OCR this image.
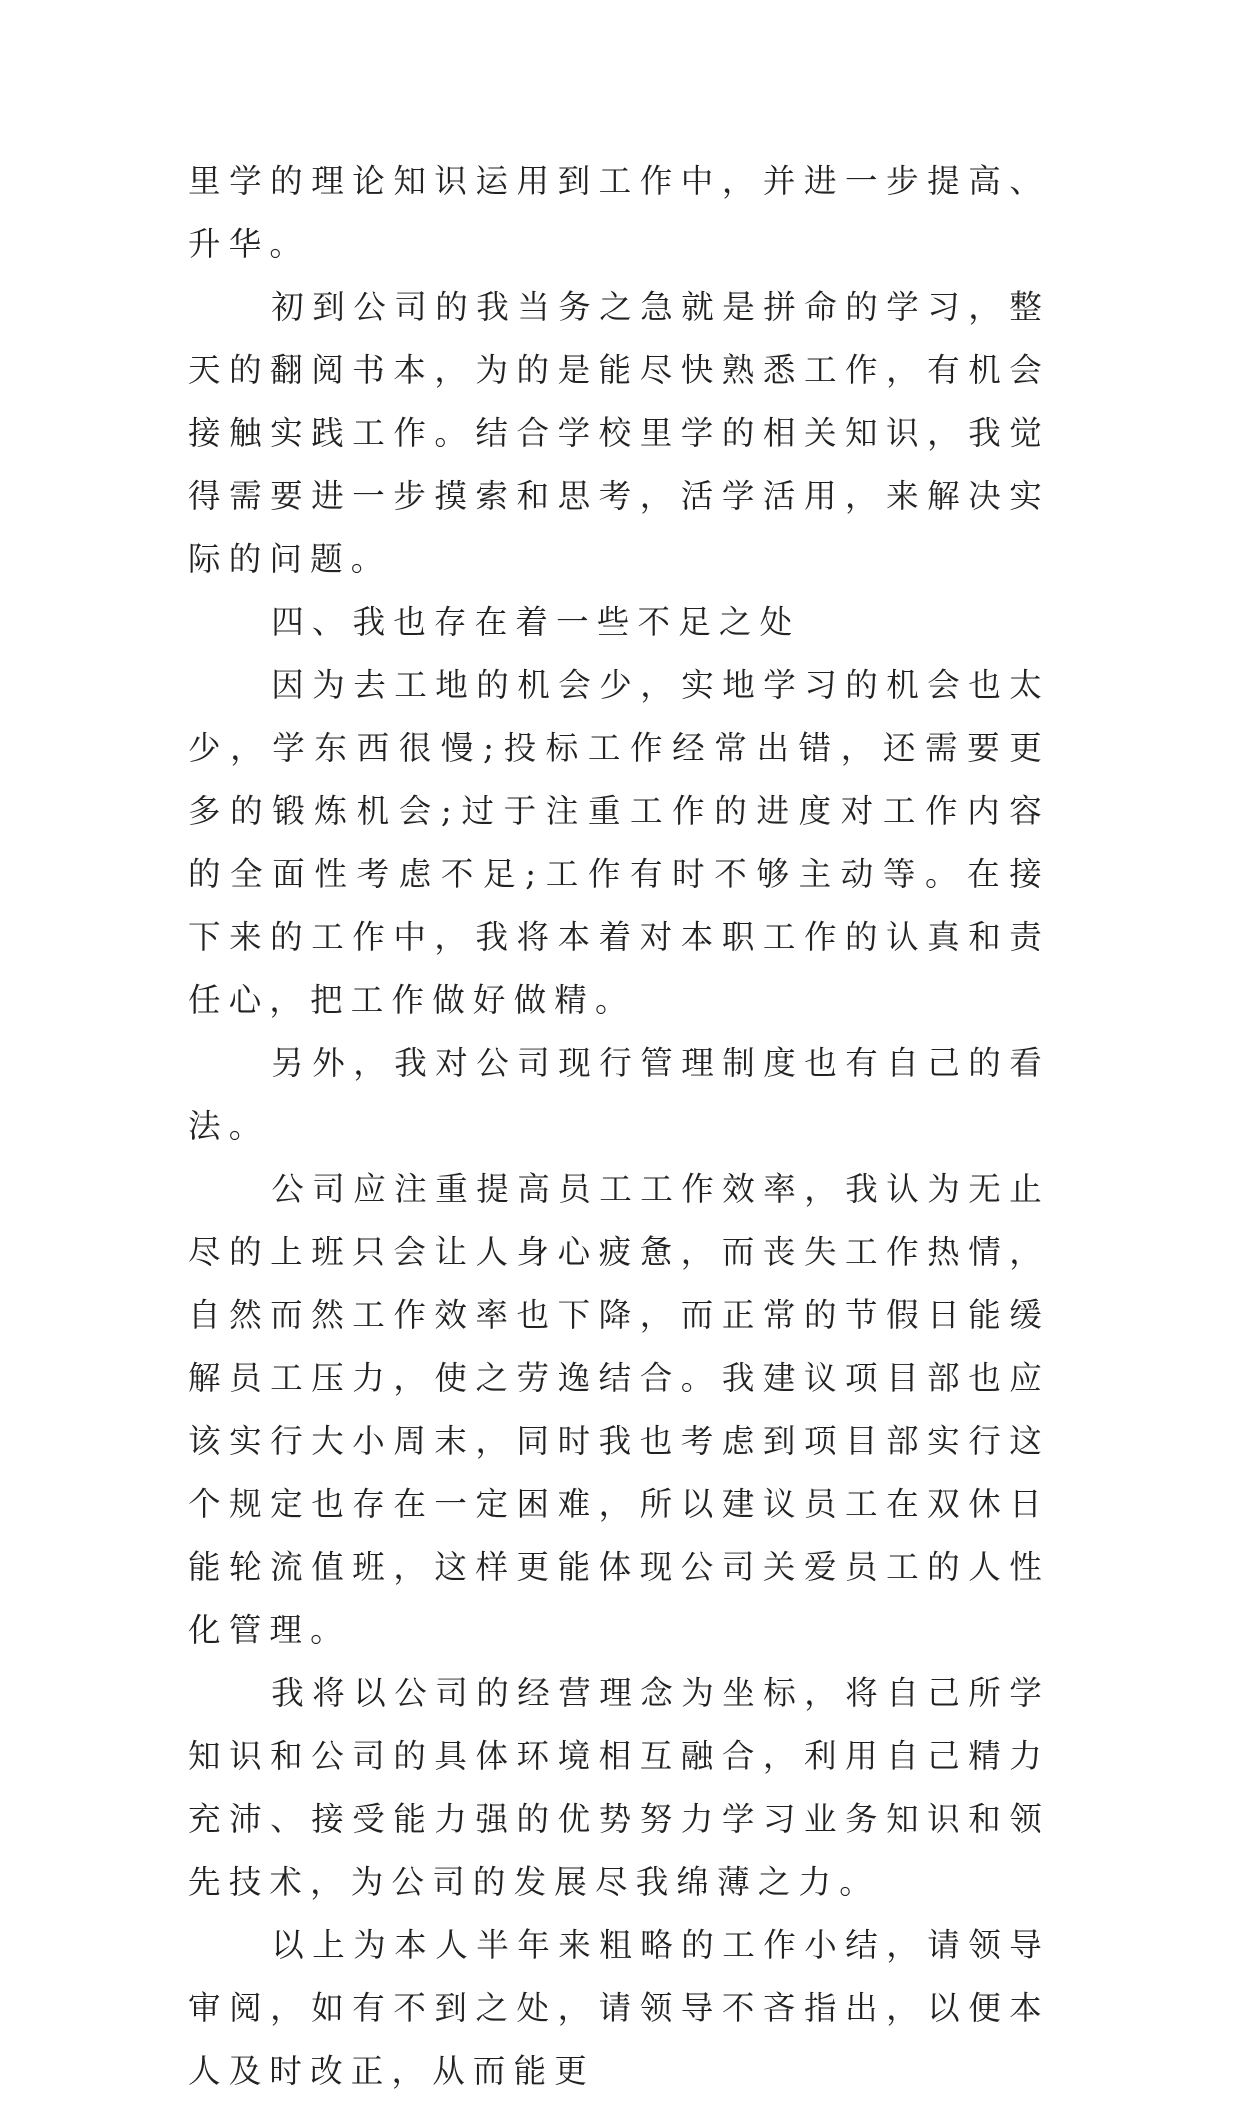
里学的理论知识运用到工作中，并进一步提高、升华。

初到公司的我当务之急就是拼命的学习，整天的翻阅书本，为的是能尽快熟悉工作，有机会接触实践工作。结合学校里学的相关知识，我觉得需要进一步摸索和思考，活学活用，来解决实际的问题。

四、我也存在着一些不足之处

因为去工地的机会少，实地学习的机会也太少，学东西很慢;投标工作经常出错，还需要更多的锻炼机会;过于注重工作的进度对工作内容的全面性考虑不足;工作有时不够主动等。在接下来的工作中，我将本着对本职工作的认真和责任心，把工作做好做精。

另外，我对公司现行管理制度也有自己的看法。

公司应注重提高员工工作效率，我认为无止尽的上班只会让人身心疲惫，而丧失工作热情，自然而然工作效率也下降，而正常的节假日能缓解员工压力，使之劳逸结合。我建议项目部也应该实行大小周末，同时我也考虑到项目部实行这个规定也存在一定困难，所以建议员工在双休日能轮流值班，这样更能体现公司关爱员工的人性化管理。

我将以公司的经营理念为坐标，将自己所学知识和公司的具体环境相互融合，利用自己精力充沛、接受能力强的优势努力学习业务知识和领先技术，为公司的发展尽我绵薄之力。

以上为本人半年来粗略的工作小结，请领导审阅，如有不到之处，请领导不吝指出，以便本人及时改正，从而能更
